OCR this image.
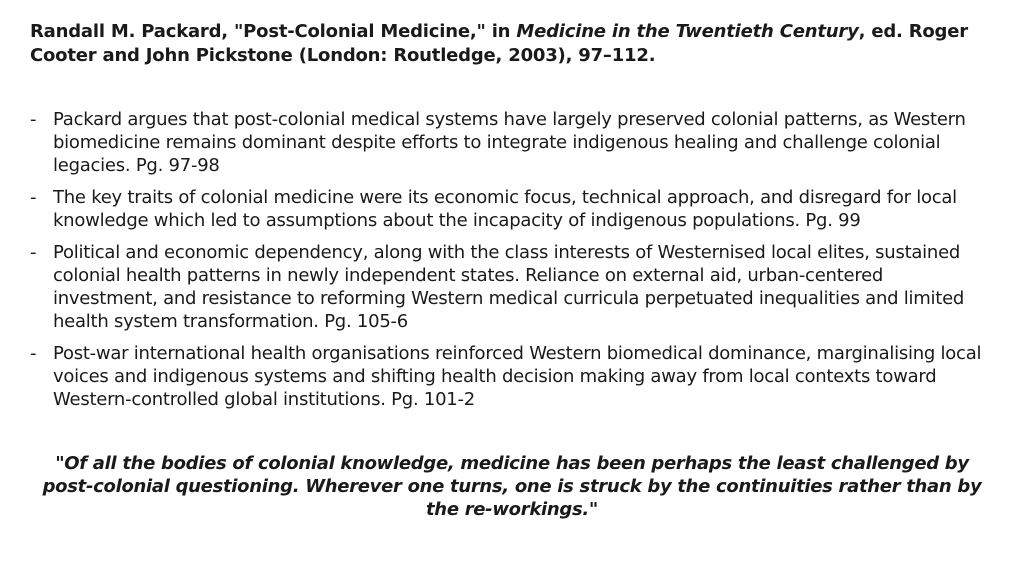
Randall M. Packard, "Post-Colonial Medicine," in Medicine in the Twentieth Century, ed. Roger Cooter and John Pickstone (London: Routledge, 2003), 97–112.
- Packard argues that post-colonial medical systems have largely preserved colonial patterns, as Western biomedicine remains dominant despite efforts to integrate indigenous healing and challenge colonial legacies. Pg. 97-98
- The key traits of colonial medicine were its economic focus, technical approach, and disregard for local knowledge which led to assumptions about the incapacity of indigenous populations. Pg. 99
- Political and economic dependency, along with the class interests of Westernised local elites, sustained colonial health patterns in newly independent states. Reliance on external aid, urban-centered investment, and resistance to reforming Western medical curricula perpetuated inequalities and limited health system transformation. Pg. 105-6
- Post-war international health organisations reinforced Western biomedical dominance, marginalising local voices and indigenous systems and shifting health decision making away from local contexts toward Western-controlled global institutions. Pg. 101-2
"Of all the bodies of colonial knowledge, medicine has been perhaps the least challenged by post-colonial questioning. Wherever one turns, one is struck by the continuities rather than by the re-workings."
